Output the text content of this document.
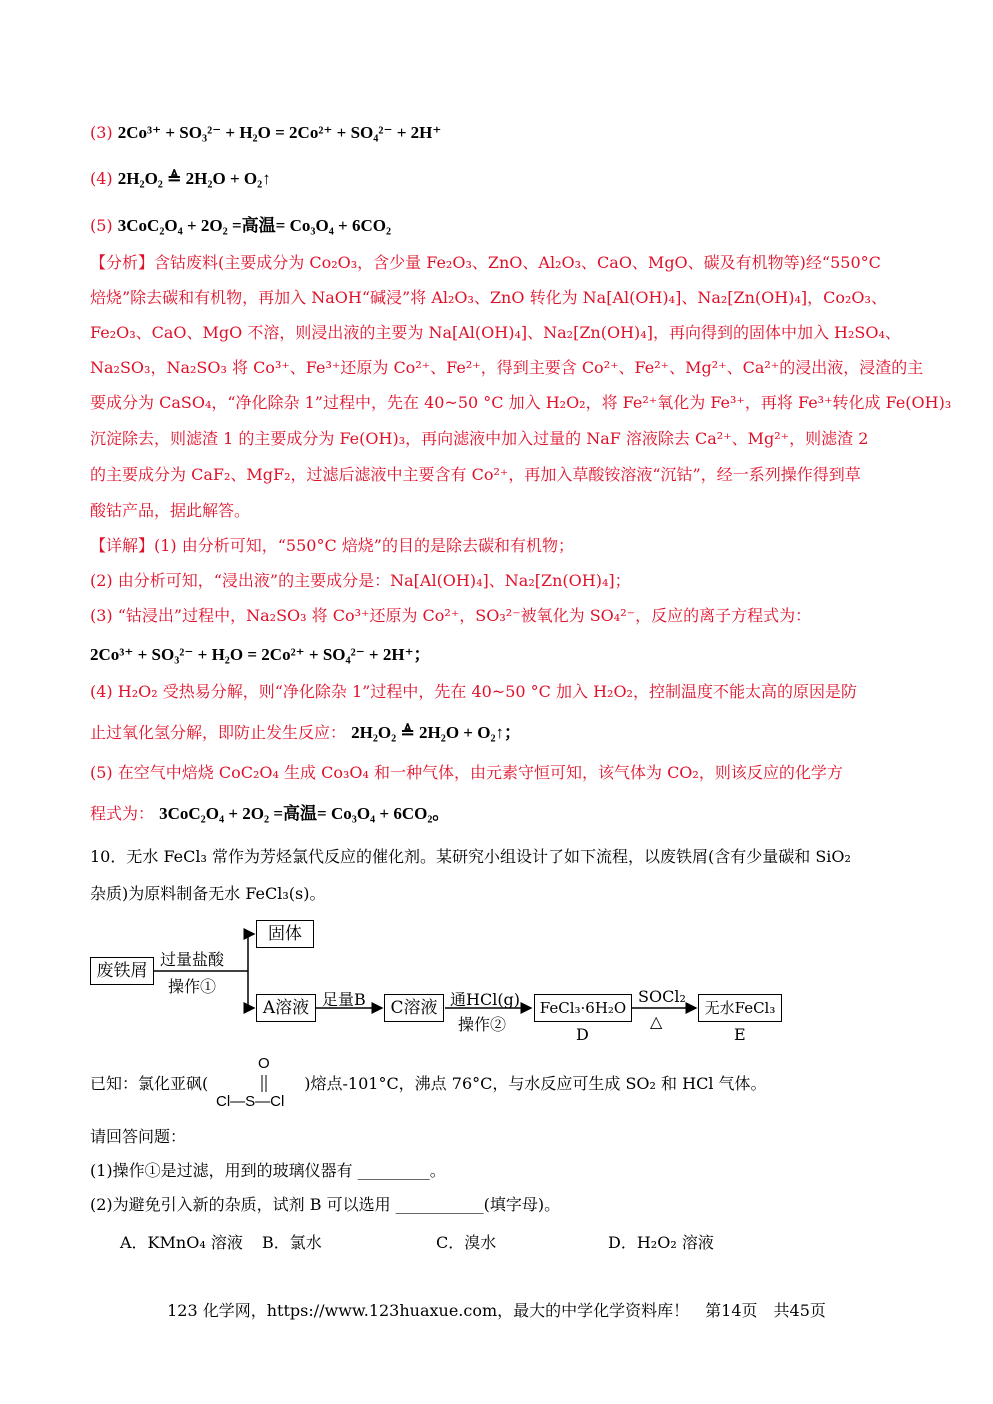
(3) 2Co³⁺ + SO₃²⁻ + H₂O = 2Co²⁺ + SO₄²⁻ + 2H⁺
(4) 2H₂O₂ ≜ 2H₂O + O₂↑
(5) 3CoC₂O₄ + 2O₂ =高温= Co₃O₄ + 6CO₂
【分析】含钴废料(主要成分为 Co₂O₃，含少量 Fe₂O₃、ZnO、Al₂O₃、CaO、MgO、碳及有机物等)经“550°C
焙烧”除去碳和有机物，再加入 NaOH“碱浸”将 Al₂O₃、ZnO 转化为 Na[Al(OH)₄]、Na₂[Zn(OH)₄]，Co₂O₃、
Fe₂O₃、CaO、MgO 不溶，则浸出液的主要为 Na[Al(OH)₄]、Na₂[Zn(OH)₄]，再向得到的固体中加入 H₂SO₄、
Na₂SO₃，Na₂SO₃ 将 Co³⁺、Fe³⁺还原为 Co²⁺、Fe²⁺，得到主要含 Co²⁺、Fe²⁺、Mg²⁺、Ca²⁺的浸出液，浸渣的主
要成分为 CaSO₄，“净化除杂 1”过程中，先在 40~50 °C 加入 H₂O₂，将 Fe²⁺氧化为 Fe³⁺，再将 Fe³⁺转化成 Fe(OH)₃
沉淀除去，则滤渣 1 的主要成分为 Fe(OH)₃，再向滤液中加入过量的 NaF 溶液除去 Ca²⁺、Mg²⁺，则滤渣 2
的主要成分为 CaF₂、MgF₂，过滤后滤液中主要含有 Co²⁺，再加入草酸铵溶液“沉钴”，经一系列操作得到草
酸钴产品，据此解答。
【详解】(1) 由分析可知，“550°C 焙烧”的目的是除去碳和有机物；
(2) 由分析可知，“浸出液”的主要成分是：Na[Al(OH)₄]、Na₂[Zn(OH)₄]；
(3) “钴浸出”过程中，Na₂SO₃ 将 Co³⁺还原为 Co²⁺，SO₃²⁻被氧化为 SO₄²⁻，反应的离子方程式为：
2Co³⁺ + SO₃²⁻ + H₂O = 2Co²⁺ + SO₄²⁻ + 2H⁺；
(4) H₂O₂ 受热易分解，则“净化除杂 1”过程中，先在 40~50 °C 加入 H₂O₂，控制温度不能太高的原因是防
止过氧化氢分解，即防止发生反应： 2H₂O₂ ≜ 2H₂O + O₂↑；
(5) 在空气中焙烧 CoC₂O₄ 生成 Co₃O₄ 和一种气体，由元素守恒可知，该气体为 CO₂，则该反应的化学方
程式为： 3CoC₂O₄ + 2O₂ =高温= Co₃O₄ + 6CO₂。
10．无水 FeCl₃ 常作为芳烃氯代反应的催化剂。某研究小组设计了如下流程，以废铁屑(含有少量碳和 SiO₂
杂质)为原料制备无水 FeCl₃(s)。
废铁屑
过量盐酸
操作①
固体
A溶液 足量B	C溶液 通HCl(g)
操作②
FeCl₃·6H₂O
D
SOCl₂
△
无水FeCl₃
E
已知：氯化亚砜(	)熔点-101°C，沸点 76°C，与水反应可生成 SO₂ 和 HCl 气体。
O
Cl—S—Cl
请回答问题：
(1)操作①是过滤，用到的玻璃仪器有 _________。
(2)为避免引入新的杂质，试剂 B 可以选用 ___________(填字母)。
A．KMnO₄ 溶液 B．氯水	C．溴水	D．H₂O₂ 溶液
123 化学网，https://www.123huaxue.com，最大的中学化学资料库！　第14页　共45页
